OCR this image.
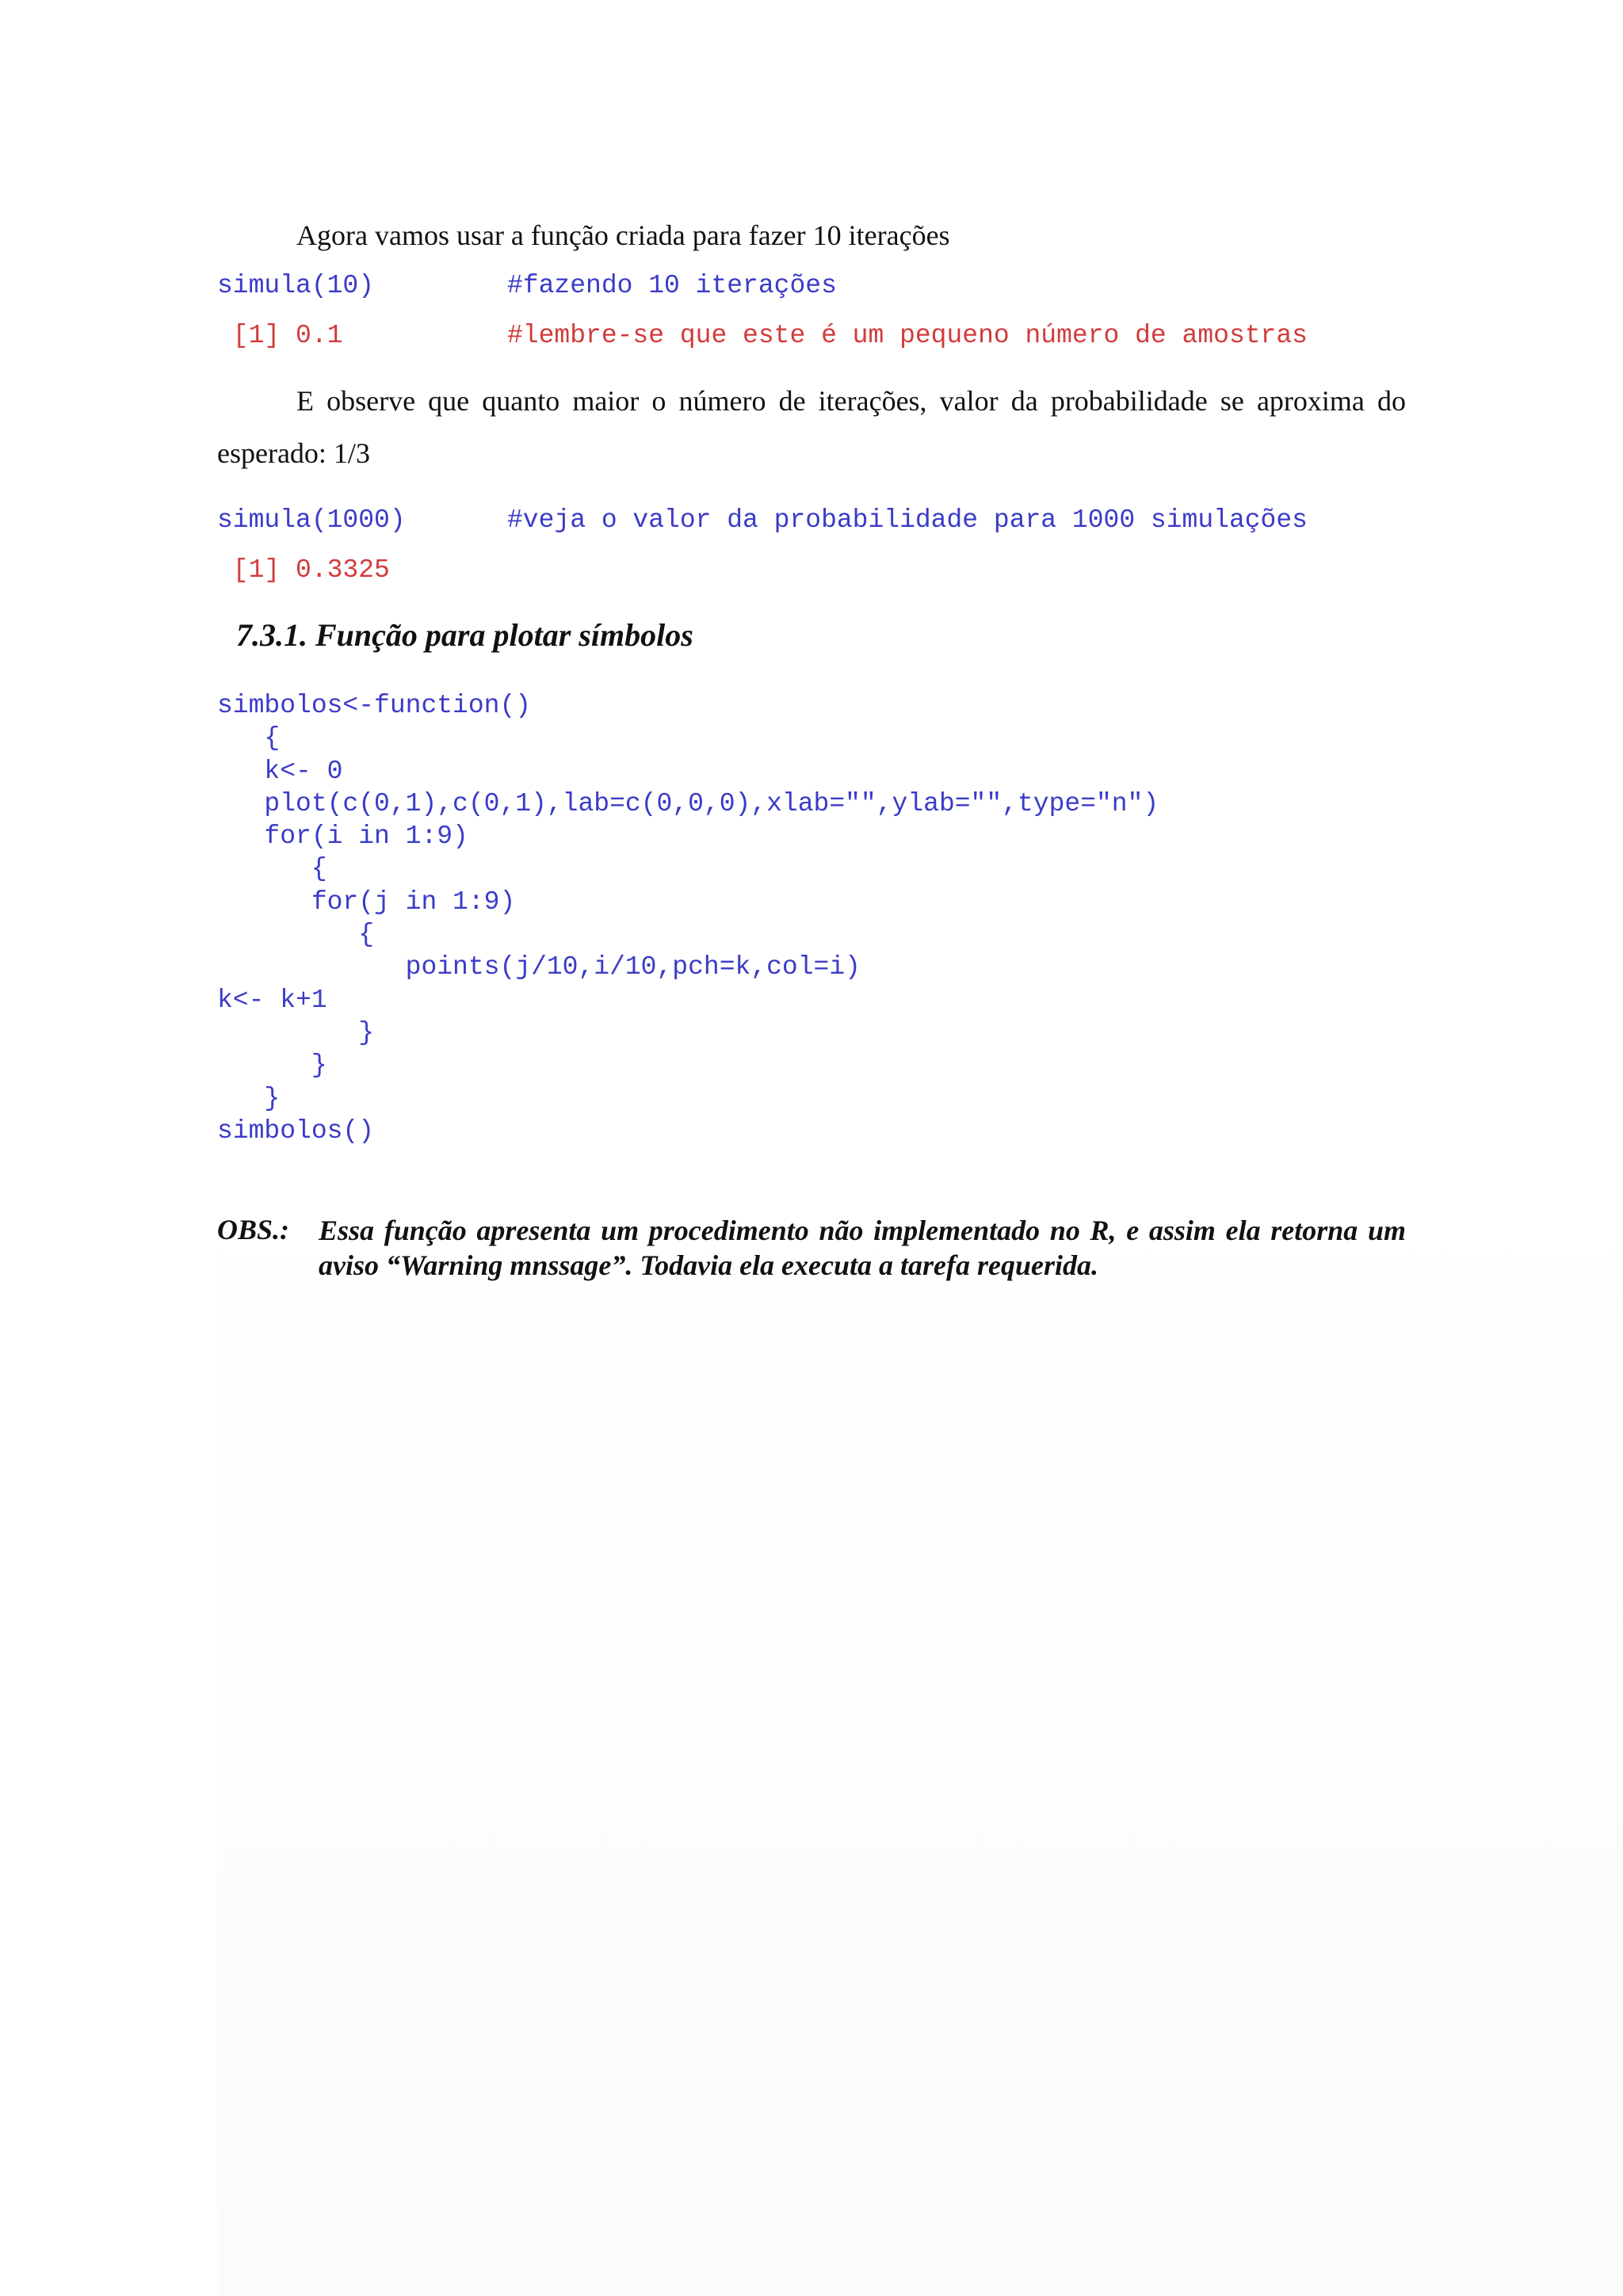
Agora vamos usar a função criada para fazer 10 iterações

simula(10)	#fazendo 10 iterações
[1] 0.1	#lembre-se que este é um pequeno número de amostras

E observe que quanto maior o número de iterações, valor da probabilidade se aproxima do esperado: 1/3

simula(1000)	#veja o valor da probabilidade para 1000 simulações
[1] 0.3325
7.3.1. Função para plotar símbolos
simbolos<-function()
{
k<- 0
plot(c(0,1),c(0,1),lab=c(0,0,0),xlab="",ylab="",type="n")
for(i in 1:9)
{
for(j in 1:9)
{
points(j/10,i/10,pch=k,col=i)
k<- k+1
}
}
}
simbolos()
OBS.: Essa função apresenta um procedimento não implementado no R, e assim ela retorna um aviso “Warning mnssage”. Todavia ela executa a tarefa requerida.
